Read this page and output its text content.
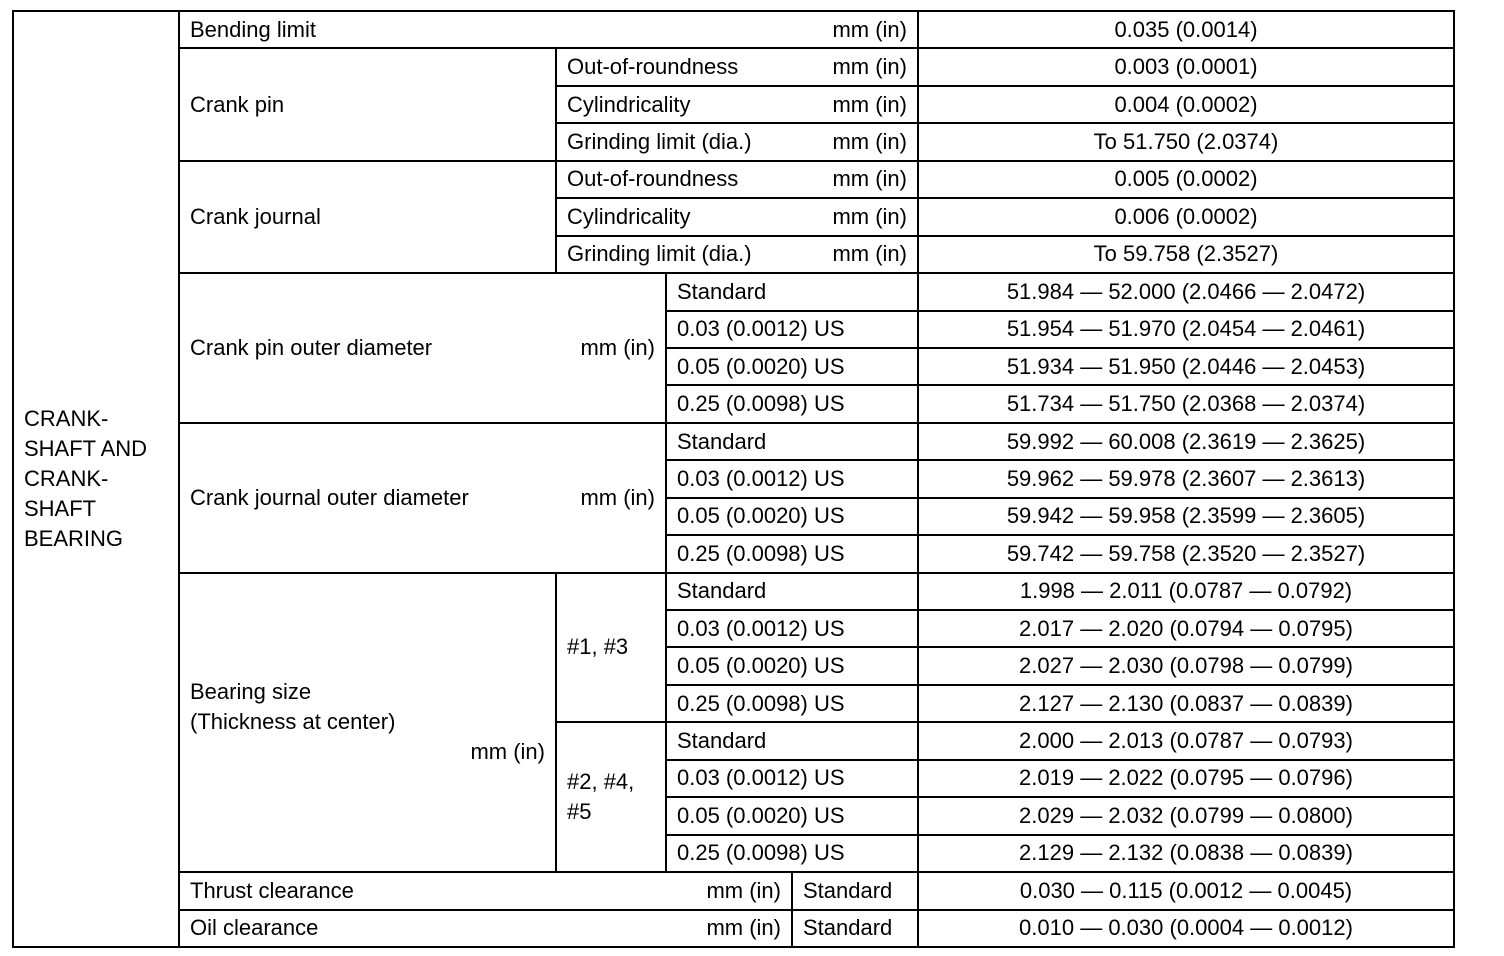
CRANK-
SHAFT AND
CRANK-
SHAFT
BEARING	Bending limit mm (in)				0.035 (0.0014)
	Crank pin	Out-of-roundness mm (in)			0.003 (0.0001)

		Cylindricality mm (in)			0.004 (0.0002)

		Grinding limit (dia.) mm (in)			To 51.750 (2.0374)
	Crank journal	Out-of-roundness mm (in)			0.005 (0.0002)

		Cylindricality mm (in)			0.006 (0.0002)

		Grinding limit (dia.) mm (in)			To 59.758 (2.3527)

	Crank pin outer diameter mm (in)		Standard		51.984 — 52.000 (2.0466 — 2.0472)
			0.03 (0.0012) US		51.954 — 51.970 (2.0454 — 2.0461)
			0.05 (0.0020) US		51.934 — 51.950 (2.0446 — 2.0453)
			0.25 (0.0098) US		51.734 — 51.750 (2.0368 — 2.0374)

	Crank journal outer diameter mm (in)		Standard		59.992 — 60.008 (2.3619 — 2.3625)
			0.03 (0.0012) US		59.962 — 59.978 (2.3607 — 2.3613)
			0.05 (0.0020) US		59.942 — 59.958 (2.3599 — 2.3605)
			0.25 (0.0098) US		59.742 — 59.758 (2.3520 — 2.3527)

	Bearing size
(Thickness at center)
mm (in)	#1, #3	Standard		1.998 — 2.011 (0.0787 — 0.0792)
			0.03 (0.0012) US		2.017 — 2.020 (0.0794 — 0.0795)
			0.05 (0.0020) US		2.027 — 2.030 (0.0798 — 0.0799)
			0.25 (0.0098) US		2.127 — 2.130 (0.0837 — 0.0839)
		#2, #4,
#5	Standard		2.000 — 2.013 (0.0787 — 0.0793)
			0.03 (0.0012) US		2.019 — 2.022 (0.0795 — 0.0796)
			0.05 (0.0020) US		2.029 — 2.032 (0.0799 — 0.0800)
			0.25 (0.0098) US		2.129 — 2.132 (0.0838 — 0.0839)

	Thrust clearance mm (in)			Standard	0.030 — 0.115 (0.0012 — 0.0045)

	Oil clearance mm (in)			Standard	0.010 — 0.030 (0.0004 — 0.0012)
